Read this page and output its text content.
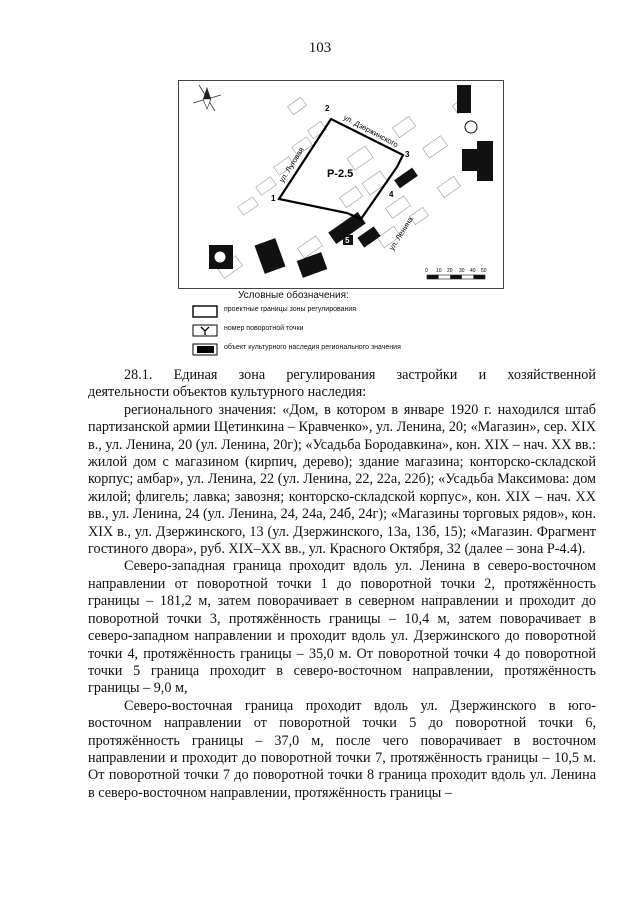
103
Р-2.5
ул. Дзержинского
ул. Луговая
ул. Ленина
1
2
3
4
5
0 10 20 30 40 50
Условные обозначения:
проектные границы зоны регулирования
номер поворотной точки
объект культурного наследия регионального значения

28.1. Единая зона регулирования застройки и хозяйственной

деятельности объектов культурного наследия:

регионального значения: «Дом, в котором в январе 1920 г. находился штаб партизанской армии Щетинкина – Кравченко», ул. Ленина, 20; «Магазин», сер. XIX в., ул. Ленина, 20 (ул. Ленина, 20г); «Усадьба Бородавкина», кон. XIX – нач. XX вв.: жилой дом с магазином (кирпич, дерево); здание магазина; конторско-складской корпус; амбар», ул. Ленина, 22 (ул. Ленина, 22, 22а, 22б); «Усадьба Максимова: дом жилой; флигель; лавка; завозня; конторско-складской корпус», кон. XIX – нач. XX вв., ул. Ленина, 24 (ул. Ленина, 24, 24а, 24б, 24г); «Магазины торговых рядов», кон. XIX в., ул. Дзержинского, 13 (ул. Дзержинского, 13а, 13б, 15); «Магазин. Фрагмент гостиного двора», руб. XIX–XX вв., ул. Красного Октября, 32 (далее – зона Р-4.4).

Северо-западная граница проходит вдоль ул. Ленина в северо-восточном направлении от поворотной точки 1 до поворотной точки 2, протяжённость границы – 181,2 м, затем поворачивает в северном направлении и проходит до поворотной точки 3, протяжённость границы – 10,4 м, затем поворачивает в северо-западном направлении и проходит вдоль ул. Дзержинского до поворотной точки 4, протяжённость границы – 35,0 м. От поворотной точки 4 до поворотной точки 5 граница проходит в северо-восточном направлении, протяжённость границы – 9,0 м,

Северо-восточная граница проходит вдоль ул. Дзержинского в юго-восточном направлении от поворотной точки 5 до поворотной точки 6, протяжённость границы – 37,0 м, после чего поворачивает в восточном направлении и проходит до поворотной точки 7, протяжённость границы – 10,5 м. От поворотной точки 7 до поворотной точки 8 граница проходит вдоль ул. Ленина в северо-восточном направлении, протяжённость границы –
